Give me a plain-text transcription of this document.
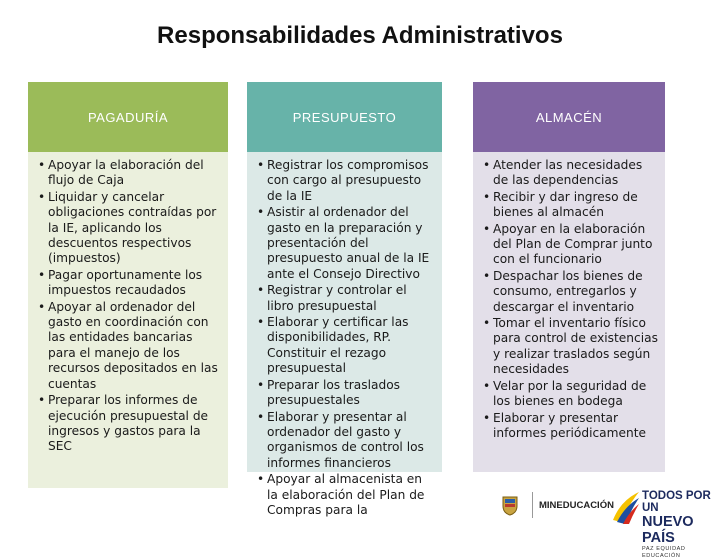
Responsabilidades Administrativos
PAGADURÍA
• Apoyar la elaboración del flujo de Caja
• Liquidar y cancelar obligaciones contraídas por la IE, aplicando los descuentos respectivos (impuestos)
• Pagar oportunamente los impuestos recaudados
• Apoyar al ordenador del gasto en coordinación con las entidades bancarias para el manejo de los recursos depositados en las cuentas
• Preparar los informes de ejecución presupuestal de ingresos y gastos para la SEC
PRESUPUESTO
• Registrar los compromisos con cargo al presupuesto de la IE
• Asistir al ordenador del gasto en la preparación y presentación del presupuesto anual de la IE ante el Consejo Directivo
• Registrar y controlar el libro presupuestal
• Elaborar y certificar las disponibilidades, RP. Constituir el rezago presupuestal
• Preparar los traslados presupuestales
• Elaborar y presentar al ordenador del gasto y organismos de control los informes financieros
• Apoyar al almacenista en la elaboración del Plan de Compras para la
ALMACÉN
• Atender las necesidades de las dependencias
• Recibir y dar ingreso de bienes al almacén
• Apoyar en la elaboración del Plan de Comprar junto con el funcionario
• Despachar los bienes de consumo, entregarlos y descargar el inventario
• Tomar el inventario físico para control de existencias y realizar traslados según necesidades
• Velar por la seguridad de los bienes en bodega
• Elaborar y presentar informes periódicamente
MINEDUCACIÓN
TODOS POR UN
NUEVO PAÍS
PAZ EQUIDAD EDUCACIÓN
